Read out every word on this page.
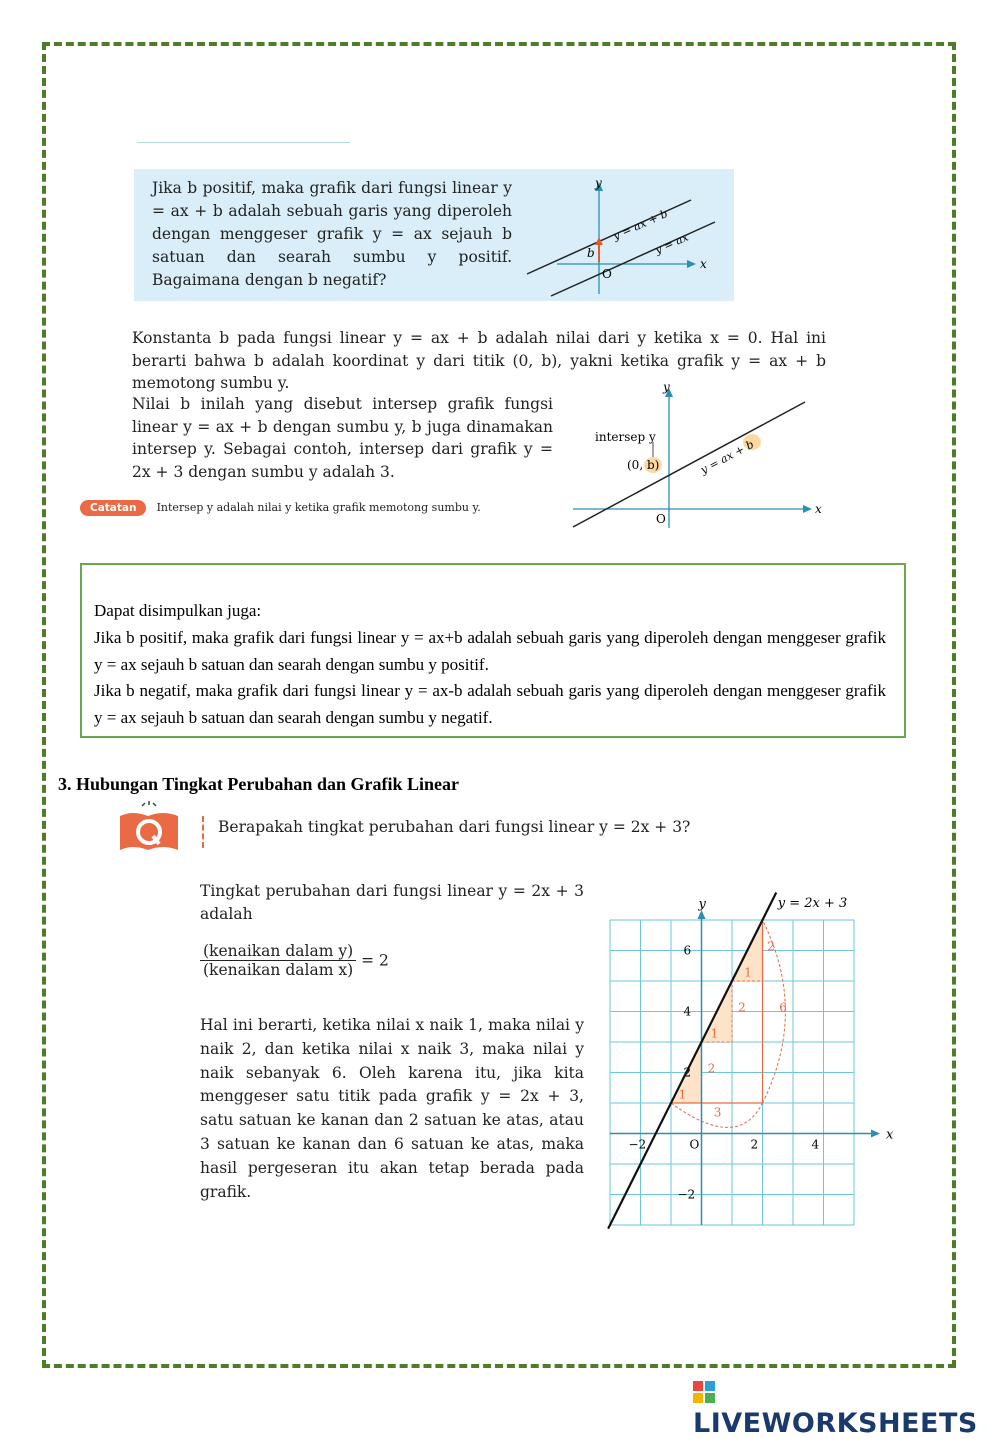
Jika b positif, maka grafik dari fungsi linear y = ax + b adalah sebuah garis yang diperoleh dengan menggeser grafik y = ax sejauh b satuan dan searah sumbu y positif. Bagaimana dengan b negatif?

y
x
O
b
y = ax + b
y = ax

Konstanta b pada fungsi linear y = ax + b adalah nilai dari y ketika x = 0. Hal ini berarti bahwa b adalah koordinat y dari titik (0, b), yakni ketika grafik y = ax + b memotong sumbu y.

Nilai b inilah yang disebut intersep grafik fungsi linear y = ax + b dengan sumbu y, b juga dinamakan intersep y. Sebagai contoh, intersep dari grafik y = 2x + 3 dengan sumbu y adalah 3.

y
x
O
intersep y
(0, b)	y = ax + b
Catatan Intersep y adalah nilai y ketika grafik memotong sumbu y.
Dapat disimpulkan juga:
Jika b positif, maka grafik dari fungsi linear y = ax+b adalah sebuah garis yang diperoleh dengan menggeser grafik y = ax sejauh b satuan dan searah dengan sumbu y positif.
Jika b negatif, maka grafik dari fungsi linear y = ax-b adalah sebuah garis yang diperoleh dengan menggeser grafik y = ax sejauh b satuan dan searah dengan sumbu y negatif.
3. Hubungan Tingkat Perubahan dan Grafik Linear
Q
Berapakah tingkat perubahan dari fungsi linear y = 2x + 3?

Tingkat perubahan dari fungsi linear y = 2x + 3 adalah

(kenaikan dalam y)
(kenaikan dalam x)
= 2

Hal ini berarti, ketika nilai x naik 1, maka nilai y naik 2, dan ketika nilai x naik 3, maka nilai y naik sebanyak 6. Oleh karena itu, jika kita menggeser satu titik pada grafik y = 2x + 3, satu satuan ke kanan dan 2 satuan ke atas, atau 3 satuan ke kanan dan 6 satuan ke atas, maka hasil pergeseran itu akan tetap berada pada grafik.

1
2
1
2
1
2
3
6
x
y	y = 2x + 3
−2	O	2	4
6
4
2
−2
LIVEWORKSHEETS
